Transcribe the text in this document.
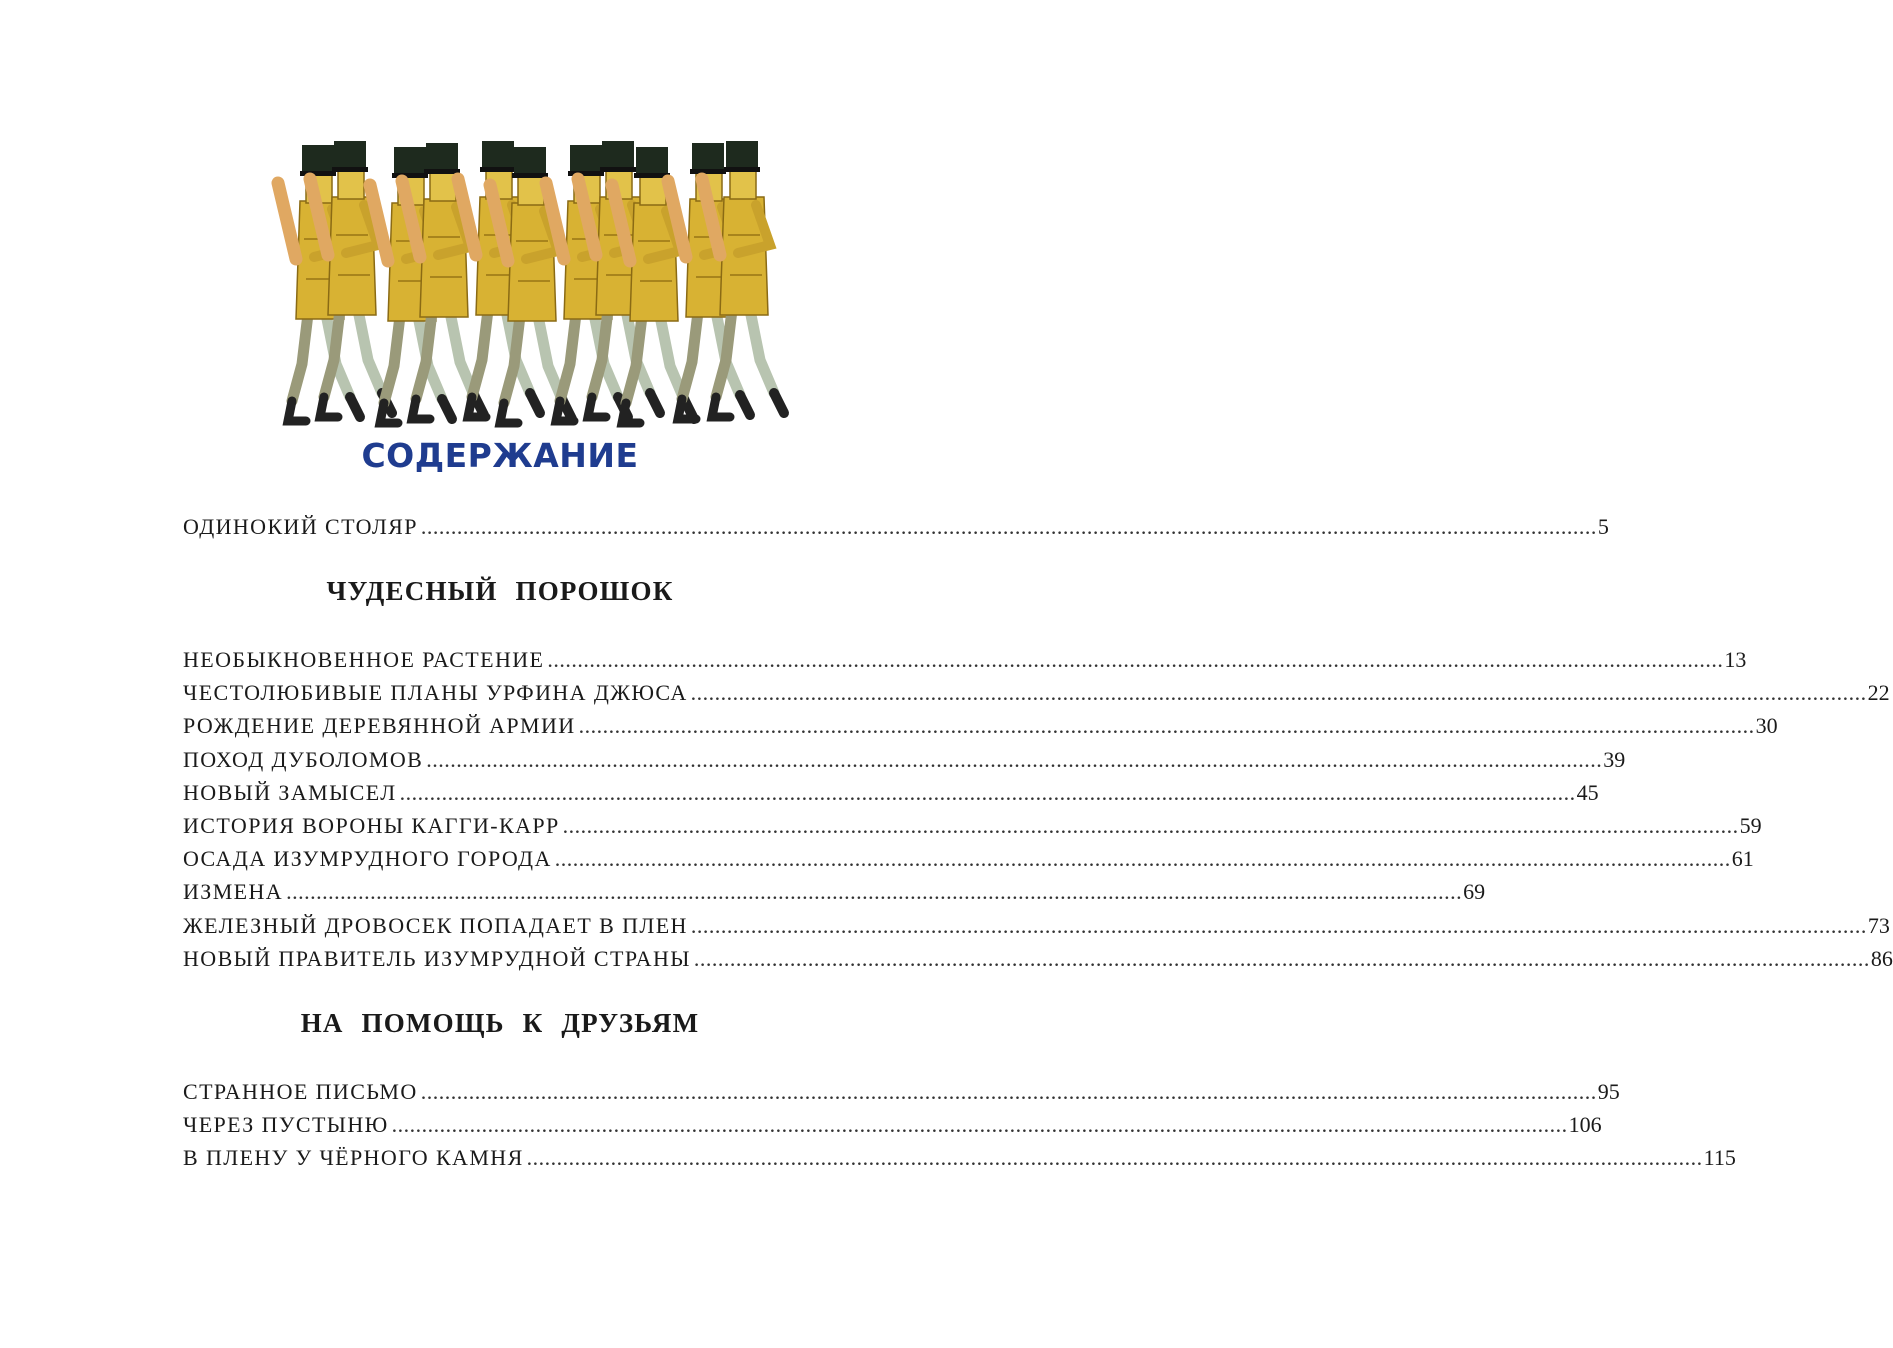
СОДЕРЖАНИЕ
ОДИНОКИЙ СТОЛЯР .................................................................................................................................................................................................... 5
ЧУДЕСНЫЙ ПОРОШОК
НЕОБЫКНОВЕННОЕ РАСТЕНИЕ .................................................................................................................................................................................................... 13
ЧЕСТОЛЮБИВЫЕ ПЛАНЫ УРФИНА ДЖЮСА .................................................................................................................................................................................................... 22
РОЖДЕНИЕ ДЕРЕВЯННОЙ АРМИИ .................................................................................................................................................................................................... 30
ПОХОД ДУБОЛОМОВ .................................................................................................................................................................................................... 39
НОВЫЙ ЗАМЫСЕЛ .................................................................................................................................................................................................... 45
ИСТОРИЯ ВОРОНЫ КАГГИ-КАРР .................................................................................................................................................................................................... 59
ОСАДА ИЗУМРУДНОГО ГОРОДА .................................................................................................................................................................................................... 61
ИЗМЕНА .................................................................................................................................................................................................... 69
ЖЕЛЕЗНЫЙ ДРОВОСЕК ПОПАДАЕТ В ПЛЕН .................................................................................................................................................................................................... 73
НОВЫЙ ПРАВИТЕЛЬ ИЗУМРУДНОЙ СТРАНЫ .................................................................................................................................................................................................... 86
НА ПОМОЩЬ К ДРУЗЬЯМ
СТРАННОЕ ПИСЬМО .................................................................................................................................................................................................... 95
ЧЕРЕЗ ПУСТЫНЮ .................................................................................................................................................................................................... 106
В ПЛЕНУ У ЧЁРНОГО КАМНЯ .................................................................................................................................................................................................... 115
